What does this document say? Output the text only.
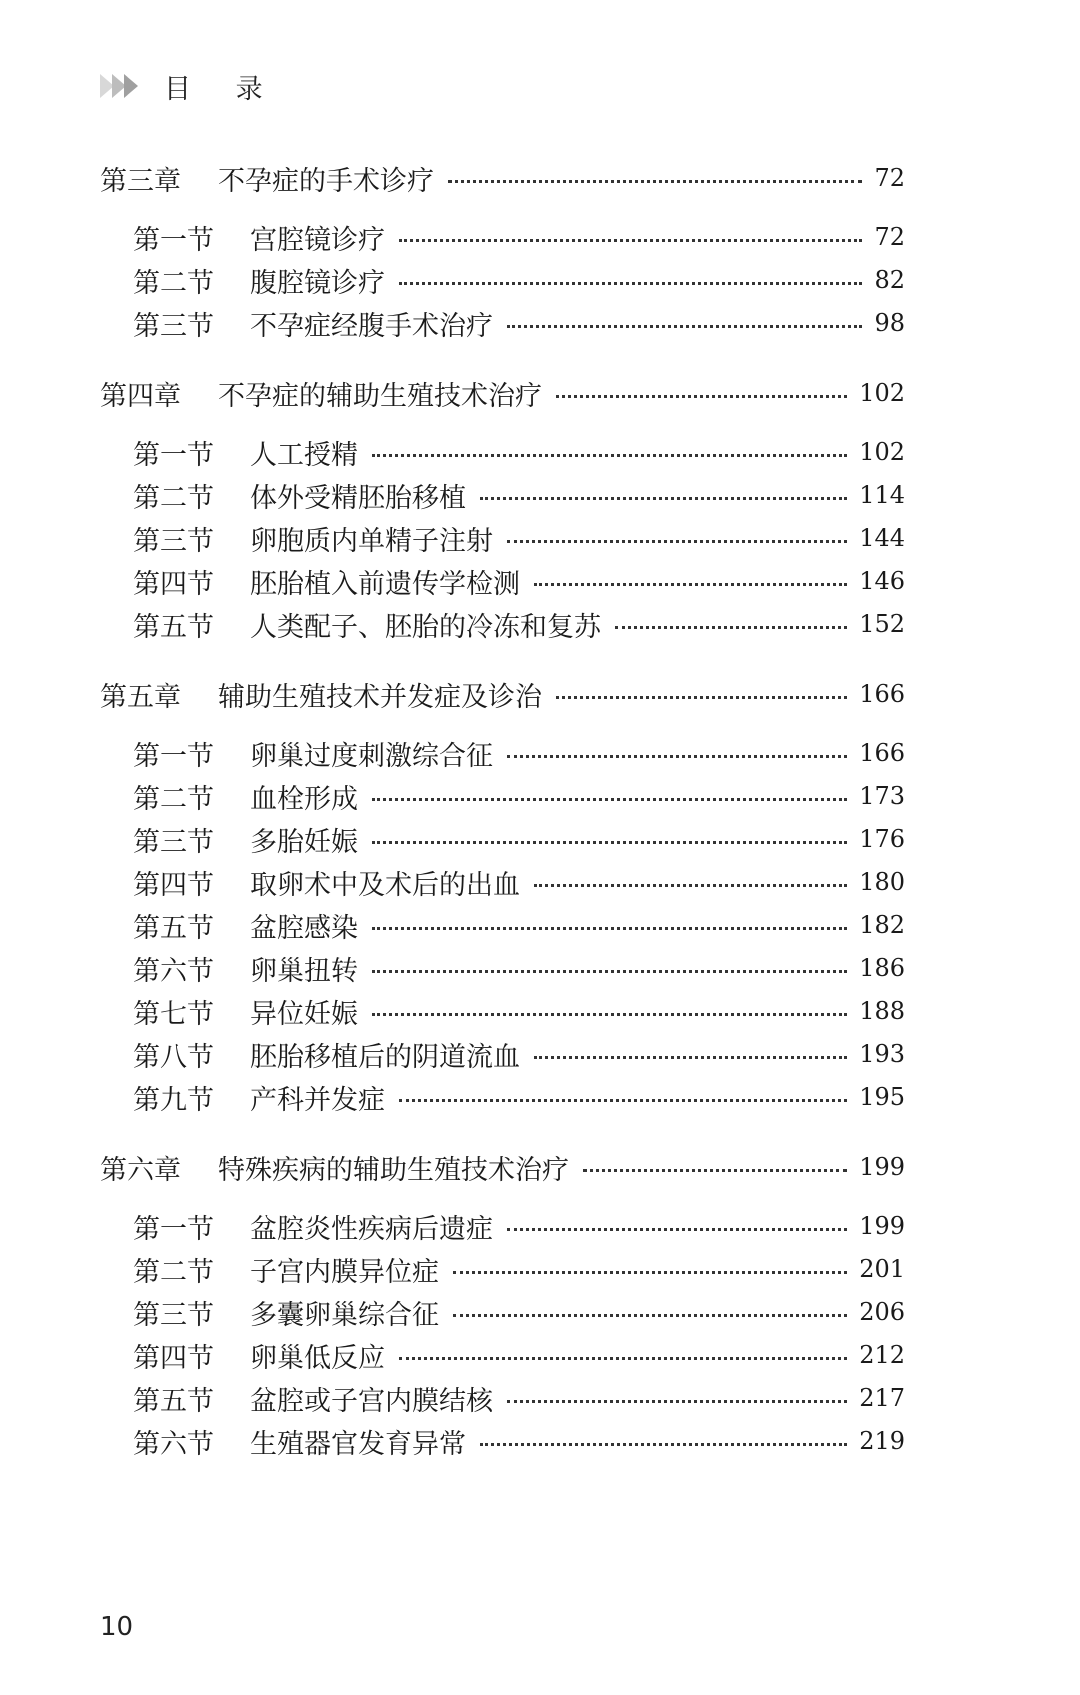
目 录
第三章 不孕症的手术诊疗	72
第一节 宫腔镜诊疗	72
第二节 腹腔镜诊疗	82
第三节 不孕症经腹手术治疗	98
第四章 不孕症的辅助生殖技术治疗	102
第一节 人工授精	102
第二节 体外受精胚胎移植	114
第三节 卵胞质内单精子注射	144
第四节 胚胎植入前遗传学检测	146
第五节 人类配子、胚胎的冷冻和复苏	152
第五章 辅助生殖技术并发症及诊治	166
第一节 卵巢过度刺激综合征	166
第二节 血栓形成	173
第三节 多胎妊娠	176
第四节 取卵术中及术后的出血	180
第五节 盆腔感染	182
第六节 卵巢扭转	186
第七节 异位妊娠	188
第八节 胚胎移植后的阴道流血	193
第九节 产科并发症	195
第六章 特殊疾病的辅助生殖技术治疗	199
第一节 盆腔炎性疾病后遗症	199
第二节 子宫内膜异位症	201
第三节 多囊卵巢综合征	206
第四节 卵巢低反应	212
第五节 盆腔或子宫内膜结核	217
第六节 生殖器官发育异常	219
10
